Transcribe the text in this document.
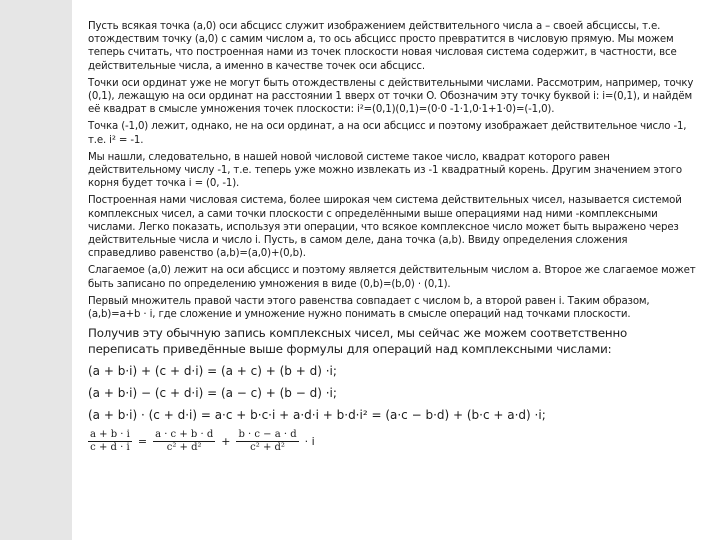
Пусть всякая точка (a,0) оси абсцисс служит изображением действительного числа a – своей абсциссы, т.е. отождествим точку (a,0) с самим числом a, то ось абсцисс просто превратится в числовую прямую. Мы можем теперь считать, что построенная нами из точек плоскости новая числовая система содержит, в частности, все действительные числа, а именно в качестве точек оси абсцисс.

Точки оси ординат уже не могут быть отождествлены с действительными числами. Рассмотрим, например, точку (0,1), лежащую на оси ординат на расстоянии 1 вверх от точки O. Обозначим эту точку буквой i: i=(0,1), и найдём её квадрат в смысле умножения точек плоскости: i²=(0,1)(0,1)=(0·0 -1·1,0·1+1·0)=(-1,0).

Точка (-1,0) лежит, однако, не на оси ординат, а на оси абсцисс и поэтому изображает действительное число -1, т.е. i² = -1.

Мы нашли, следовательно, в нашей новой числовой системе такое число, квадрат которого равен действительному числу -1, т.е. теперь уже можно извлекать из -1 квадратный корень. Другим значением этого корня будет точка i = (0, -1).

Построенная нами числовая система, более широкая чем система действительных чисел, называется системой комплексных чисел, а сами точки плоскости с определёнными выше операциями над ними -комплексными числами. Легко показать, используя эти операции, что всякое комплексное число может быть выражено через действительные числа и число i. Пусть, в самом деле, дана точка (a,b). Ввиду определения сложения справедливо равенство (a,b)=(a,0)+(0,b).

Слагаемое (a,0) лежит на оси абсцисс и поэтому является действительным числом a. Второе же слагаемое может быть записано по определению умножения в виде (0,b)=(b,0) · (0,1).

Первый множитель правой части этого равенства совпадает с числом b, а второй равен i. Таким образом, (a,b)=a+b · i, где сложение и умножение нужно понимать в смысле операций над точками плоскости.

Получив эту обычную запись комплексных чисел, мы сейчас же можем соответственно переписать приведённые выше формулы для операций над комплексными числами:

(a + b·i) + (c + d·i) = (a + c) + (b + d) ·i;
(a + b·i) − (c + d·i) = (a − c) + (b − d) ·i;
(a + b·i) · (c + d·i) = a·c + b·c·i + a·d·i + b·d·i² = (a·c − b·d) + (b·c + a·d) ·i;
$\frac{a + b \cdot i}{c + d \cdot i} = \frac{a \cdot c + b \cdot d}{\text{c² + d²}} + \frac{b \cdot c - a \cdot d}{\text{c² + d²}} \cdot i$
